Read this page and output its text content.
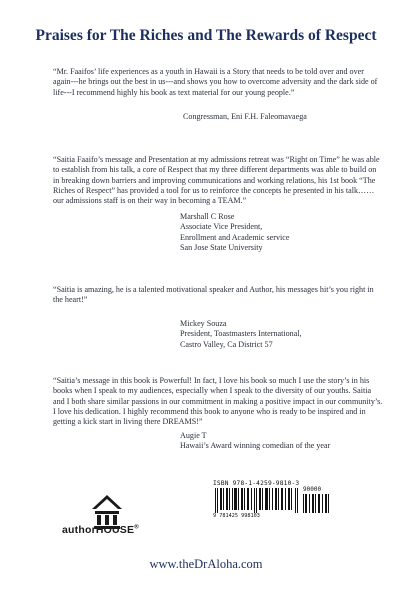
Praises for The Riches and The Rewards of Respect
“Mr. Faaifos’ life experiences as a youth in Hawaii is a Story that needs to be told over and over again---he brings out the best in us---and shows you how to overcome adversity and the dark side of life---I recommend highly his book as text material for our young people.”
Congressman, Eni F.H. Faleomavaega
“Saitia Faaifo’s message and Presentation at my admissions retreat was “Right on Time” he was able to establish from his talk, a core of Respect that my three different departments was able to build on in breaking down barriers and improving communications and working relations, his 1st book “The Riches of Respect” has provided a tool for us to reinforce the concepts he presented in his talk…… our admissions staff is on their way in becoming a TEAM.”
Marshall C Rose
Associate Vice President,
Enrollment and Academic service
San Jose State University
“Saitia is amazing, he is a talented motivational speaker and Author, his messages hit’s you right in the heart!”
Mickey Souza
President, Toastmasters International,
Castro Valley, Ca District 57
“Saitia’s message in this book is Powerful! In fact, I love his book so much I use the story’s in his books when I speak to my audiences, especially when I speak to the diversity of our youths. Saitia and I both share similar passions in our commitment in making a positive impact in our community’s. I love his dedication. I highly recommend this book to anyone who is ready to be inspired and in getting a kick start in living there DREAMS!”
Augie T
Hawaii’s Award winning comedian of the year
authorHOUSE®
ISBN 978-1-4259-9810-3
90000
9 781425 998103
www.theDrAloha.com
